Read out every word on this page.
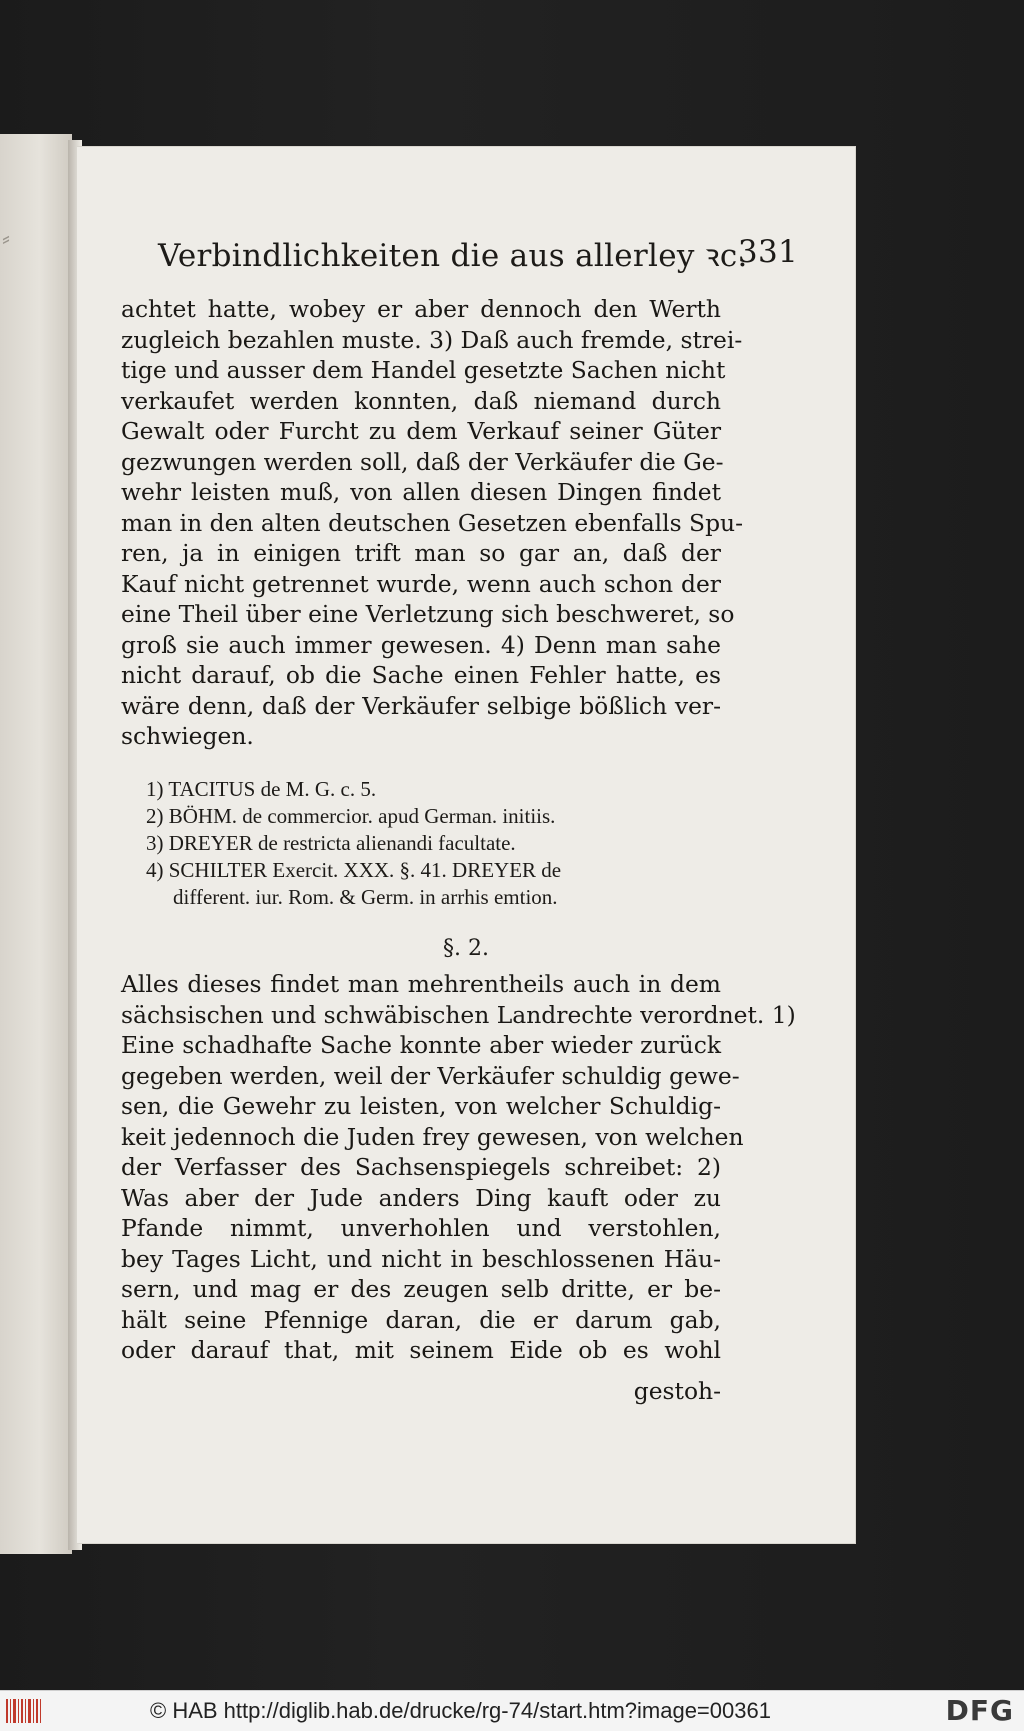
⸗	Verbindlichkeiten die aus allerley ꝛc.
331
achtet hatte, wobey er aber dennoch den Werth
zugleich bezahlen muste. 3) Daß auch fremde, strei-
tige und ausser dem Handel gesetzte Sachen nicht
verkaufet werden konnten, daß niemand durch
Gewalt oder Furcht zu dem Verkauf seiner Güter
gezwungen werden soll, daß der Verkäufer die Ge-
wehr leisten muß, von allen diesen Dingen findet
man in den alten deutschen Gesetzen ebenfalls Spu-
ren, ja in einigen trift man so gar an, daß der
Kauf nicht getrennet wurde, wenn auch schon der
eine Theil über eine Verletzung sich beschweret, so
groß sie auch immer gewesen. 4) Denn man sahe
nicht darauf, ob die Sache einen Fehler hatte, es
wäre denn, daß der Verkäufer selbige bößlich ver-
schwiegen.
1) TACITUS de M. G. c. 5.
2) BÖHM. de commercior. apud German. initiis.
3) DREYER de restricta alienandi facultate.
4) SCHILTER Exercit. XXX. §. 41. DREYER de
different. iur. Rom. & Germ. in arrhis emtion.
§. 2.
Alles dieses findet man mehrentheils auch in dem
sächsischen und schwäbischen Landrechte verordnet. 1)
Eine schadhafte Sache konnte aber wieder zurück
gegeben werden, weil der Verkäufer schuldig gewe-
sen, die Gewehr zu leisten, von welcher Schuldig-
keit jedennoch die Juden frey gewesen, von welchen
der Verfasser des Sachsenspiegels schreibet: 2)
Was aber der Jude anders Ding kauft oder zu
Pfande nimmt, unverhohlen und verstohlen,
bey Tages Licht, und nicht in beschlossenen Häu-
sern, und mag er des zeugen selb dritte, er be-
hält seine Pfennige daran, die er darum gab,
oder darauf that, mit seinem Eide ob es wohl
gestoh-
© HAB http://diglib.hab.de/drucke/rg-74/start.htm?image=00361	DFG
